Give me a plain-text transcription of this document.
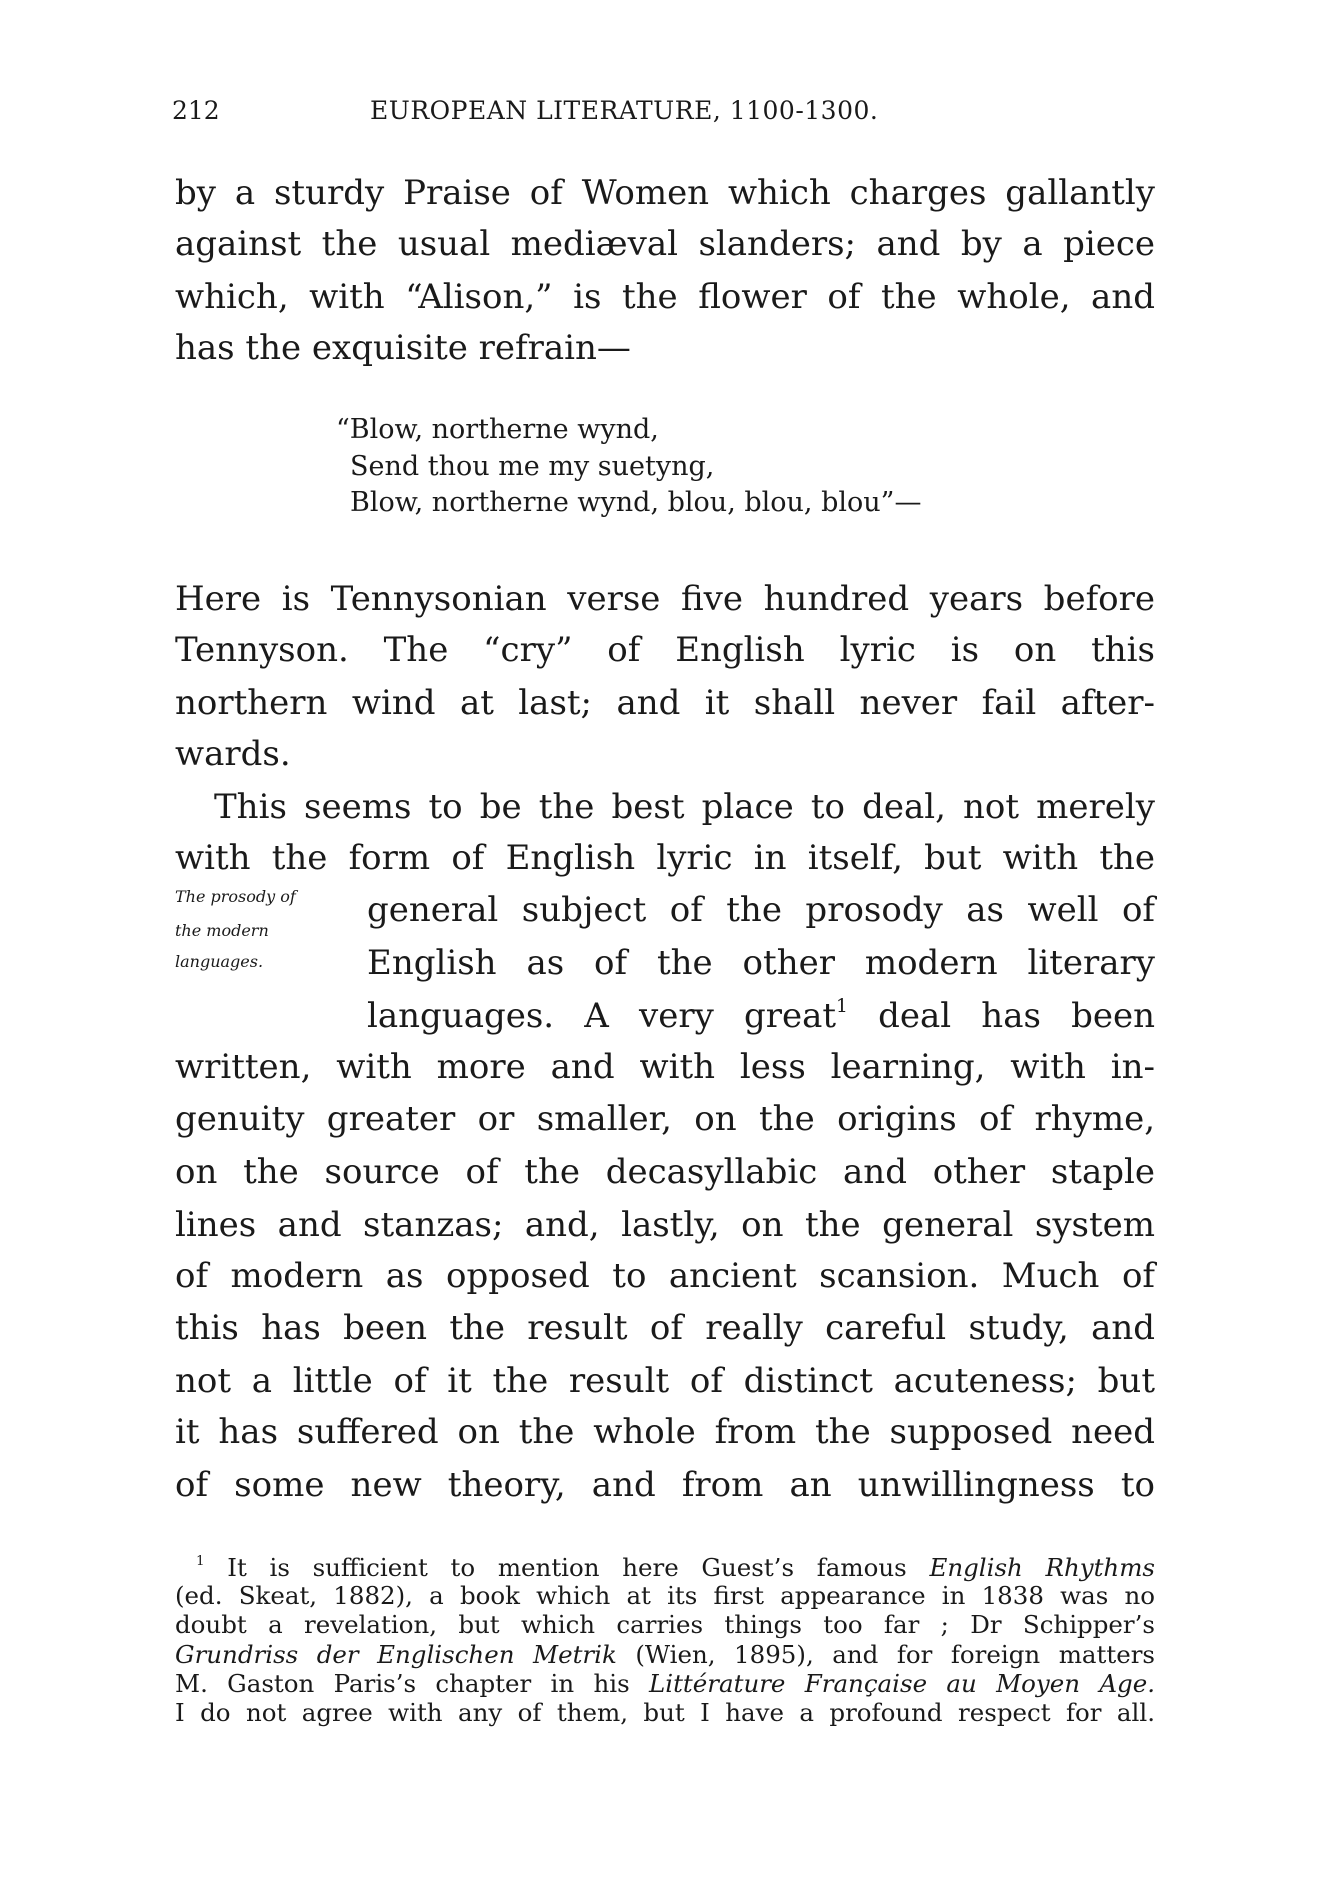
212	EUROPEAN LITERATURE, 1100-1300.
by a sturdy Praise of Women which charges gallantly
against the usual mediæval slanders; and by a piece
which, with “Alison,” is the flower of the whole, and
has the exquisite refrain—
“Blow, northerne wynd,
Send thou me my suetyng,
Blow, northerne wynd, blou, blou, blou”—
Here is Tennysonian verse five hundred years before
Tennyson. The “cry” of English lyric is on this
northern wind at last; and it shall never fail after-
wards.
This seems to be the best place to deal, not merely
with the form of English lyric in itself, but with the
general subject of the prosody as well of
English as of the other modern literary
languages. A very great$^1$ deal has been
written, with more and with less learning, with in-
genuity greater or smaller, on the origins of rhyme,
on the source of the decasyllabic and other staple
lines and stanzas; and, lastly, on the general system
of modern as opposed to ancient scansion. Much of
this has been the result of really careful study, and
not a little of it the result of distinct acuteness; but
it has suffered on the whole from the supposed need
of some new theory, and from an unwillingness to
$^1$ It is sufficient to mention here Guest’s famous English Rhythms
(ed. Skeat, 1882), a book which at its first appearance in 1838 was no
doubt a revelation, but which carries things too far ; Dr Schipper’s
Grundriss der Englischen Metrik (Wien, 1895), and for foreign matters
M. Gaston Paris’s chapter in his Littérature Française au Moyen Age.
I do not agree with any of them, but I have a profound respect for all.
The prosody of
the modern
languages.
